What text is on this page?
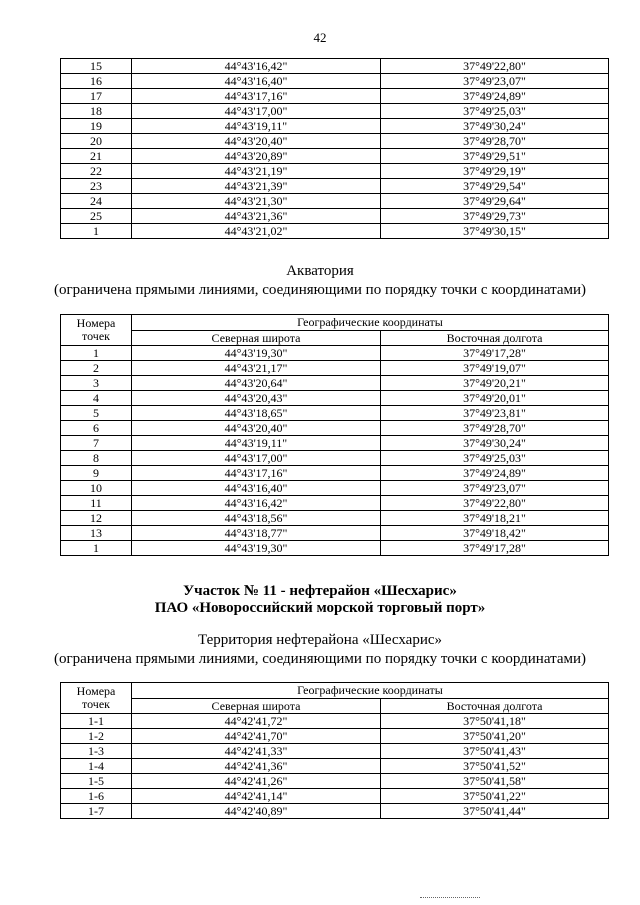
42
15	44°43'16,42"	37°49'22,80"
16	44°43'16,40"	37°49'23,07"
17	44°43'17,16"	37°49'24,89"
18	44°43'17,00"	37°49'25,03"
19	44°43'19,11"	37°49'30,24"
20	44°43'20,40"	37°49'28,70"
21	44°43'20,89"	37°49'29,51"
22	44°43'21,19"	37°49'29,19"
23	44°43'21,39"	37°49'29,54"
24	44°43'21,30"	37°49'29,64"
25	44°43'21,36"	37°49'29,73"
1	44°43'21,02"	37°49'30,15"
Акватория
(ограничена прямыми линиями, соединяющими по порядку точки с координатами)
Номера
точек	Географические координаты	
	Северная широта	Восточная долгота
1	44°43'19,30"	37°49'17,28"
2	44°43'21,17"	37°49'19,07"
3	44°43'20,64"	37°49'20,21"
4	44°43'20,43"	37°49'20,01"
5	44°43'18,65"	37°49'23,81"
6	44°43'20,40"	37°49'28,70"
7	44°43'19,11"	37°49'30,24"
8	44°43'17,00"	37°49'25,03"
9	44°43'17,16"	37°49'24,89"
10	44°43'16,40"	37°49'23,07"
11	44°43'16,42"	37°49'22,80"
12	44°43'18,56"	37°49'18,21"
13	44°43'18,77"	37°49'18,42"
1	44°43'19,30"	37°49'17,28"
Участок № 11 - нефтерайон «Шесхарис»
ПАО «Новороссийский морской торговый порт»
Территория нефтерайона «Шесхарис»
(ограничена прямыми линиями, соединяющими по порядку точки с координатами)
Номера
точек	Географические координаты	
	Северная широта	Восточная долгота
1-1	44°42'41,72"	37°50'41,18"
1-2	44°42'41,70"	37°50'41,20"
1-3	44°42'41,33"	37°50'41,43"
1-4	44°42'41,36"	37°50'41,52"
1-5	44°42'41,26"	37°50'41,58"
1-6	44°42'41,14"	37°50'41,22"
1-7	44°42'40,89"	37°50'41,44"
